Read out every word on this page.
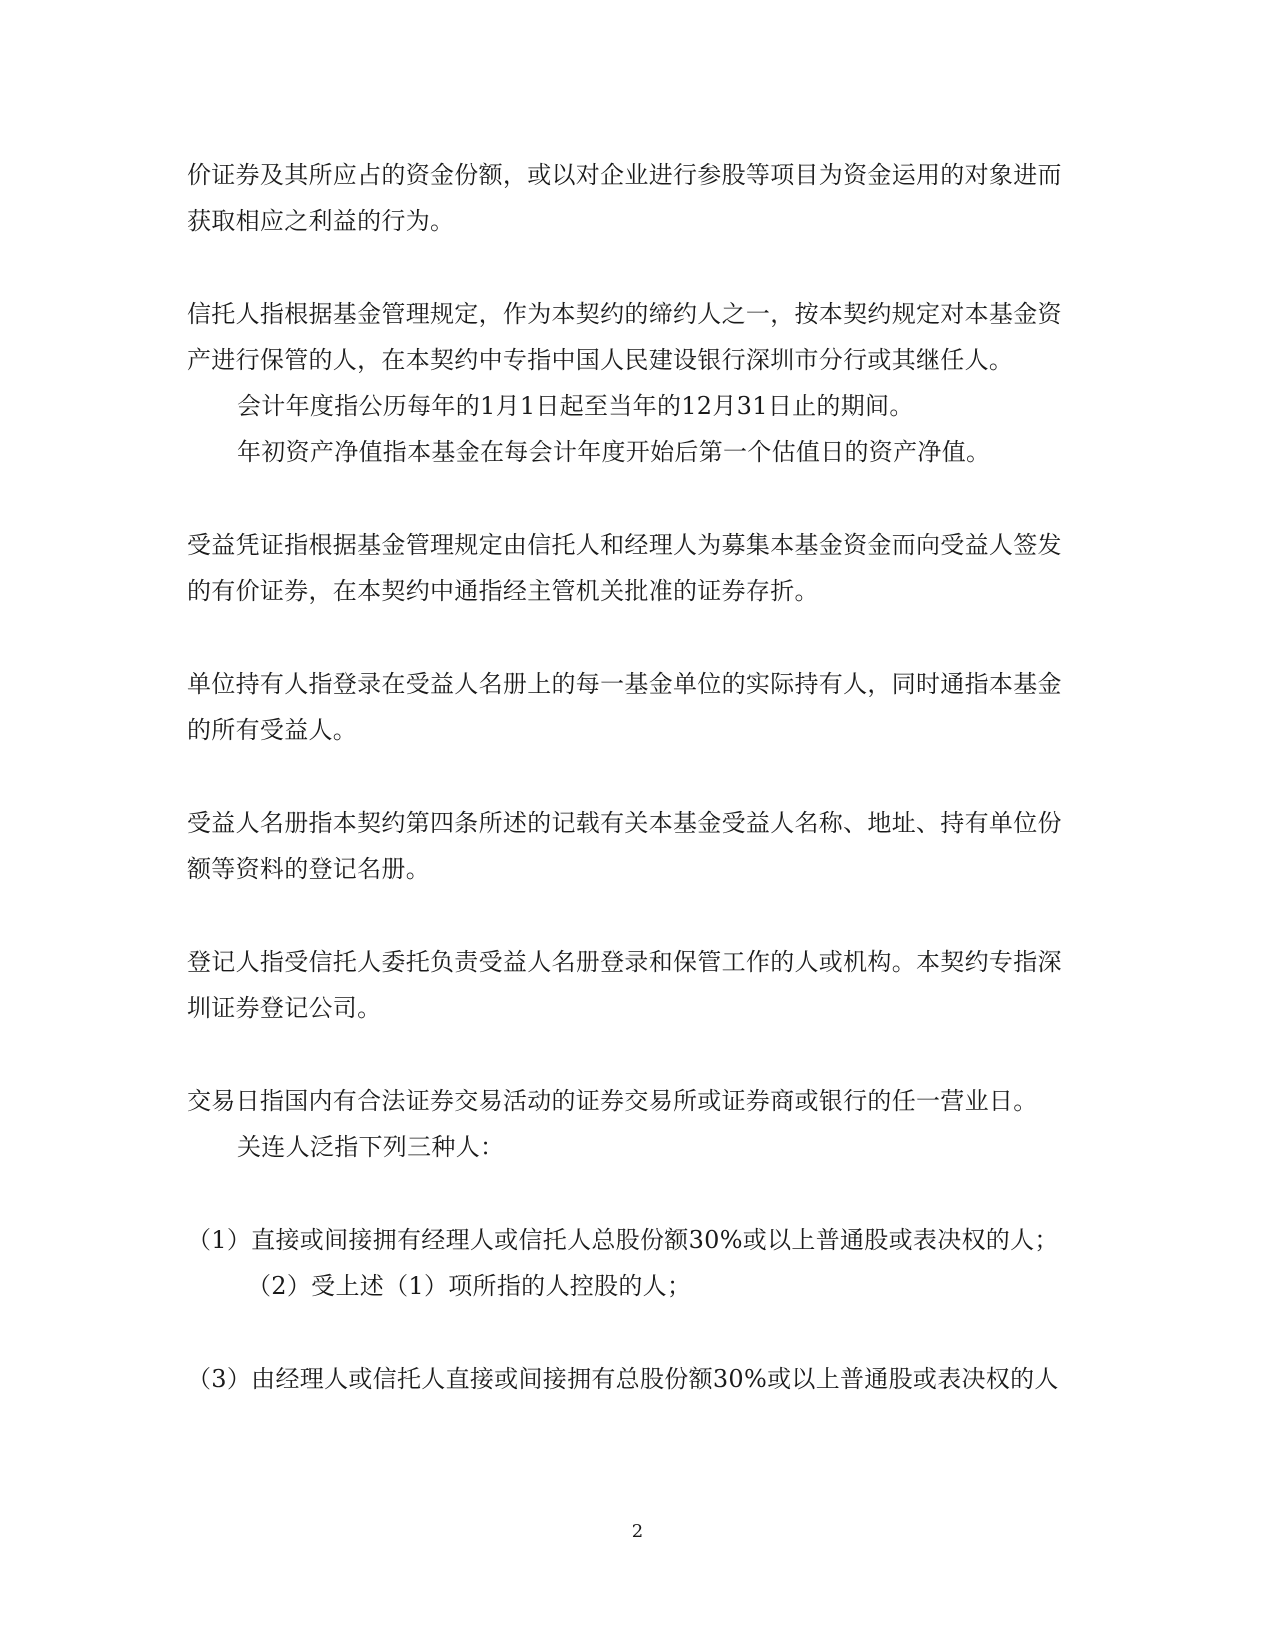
价证券及其所应占的资金份额，或以对企业进行参股等项目为资金运用的对象进而
获取相应之利益的行为。
信托人指根据基金管理规定，作为本契约的缔约人之一，按本契约规定对本基金资
产进行保管的人，在本契约中专指中国人民建设银行深圳市分行或其继任人。
会计年度指公历每年的1月1日起至当年的12月31日止的期间。
年初资产净值指本基金在每会计年度开始后第一个估值日的资产净值。
受益凭证指根据基金管理规定由信托人和经理人为募集本基金资金而向受益人签发
的有价证券，在本契约中通指经主管机关批准的证券存折。
单位持有人指登录在受益人名册上的每一基金单位的实际持有人，同时通指本基金
的所有受益人。
受益人名册指本契约第四条所述的记载有关本基金受益人名称、地址、持有单位份
额等资料的登记名册。
登记人指受信托人委托负责受益人名册登录和保管工作的人或机构。本契约专指深
圳证券登记公司。
交易日指国内有合法证券交易活动的证券交易所或证券商或银行的任一营业日。
关连人泛指下列三种人：
（1）直接或间接拥有经理人或信托人总股份额30%或以上普通股或表决权的人；
（2）受上述（1）项所指的人控股的人；
（3）由经理人或信托人直接或间接拥有总股份额30%或以上普通股或表决权的人
2
